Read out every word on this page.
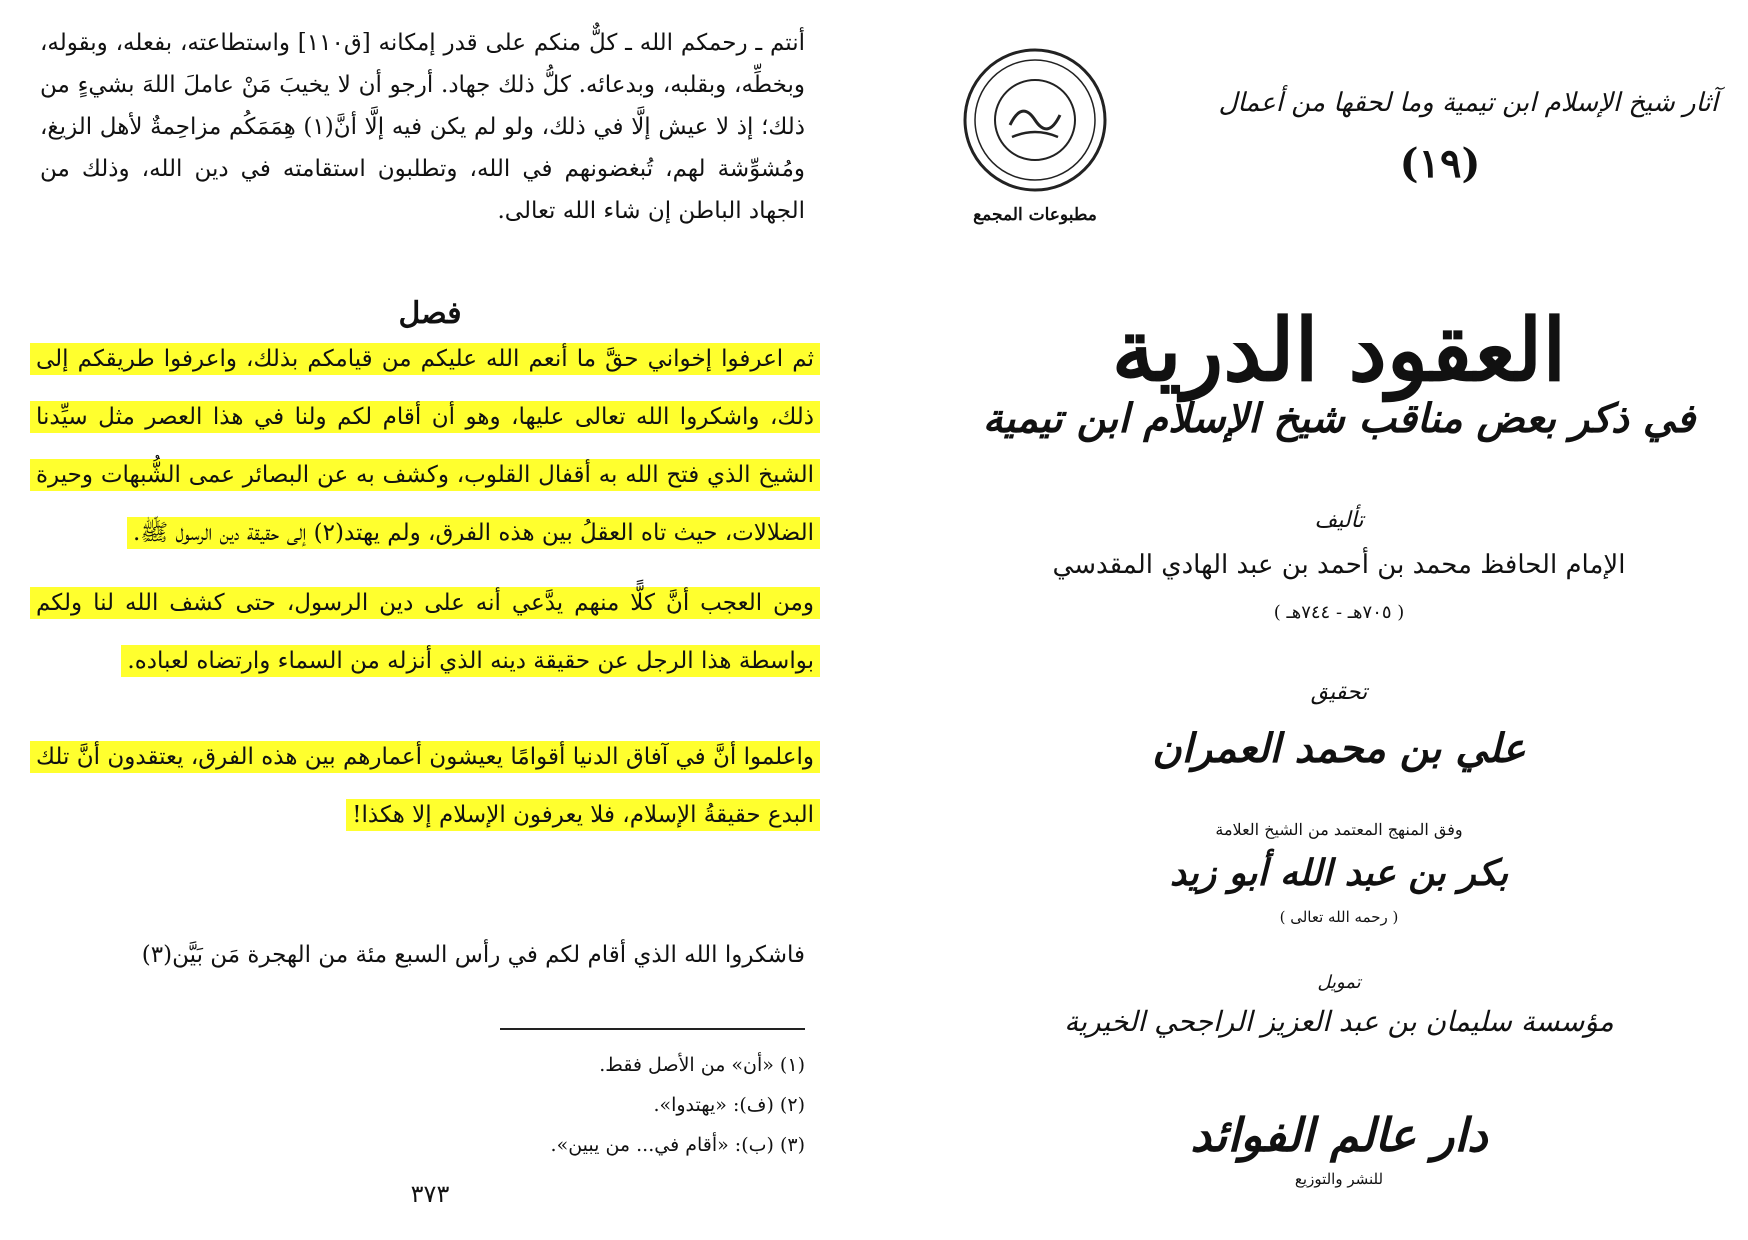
أنتم ـ رحمكم الله ـ كلٌّ منكم على قدر إمكانه [ق١١٠] واستطاعته، بفعله، وبقوله، وبخطِّه، وبقلبه، وبدعائه. كلُّ ذلك جهاد. أرجو أن لا يخيبَ مَنْ عاملَ اللهَ بشيءٍ من ذلك؛ إذ لا عيش إلَّا في ذلك، ولو لم يكن فيه إلَّا أنَّ(١) هِمَمَكُم مزاحِمةٌ لأهل الزيغ، ومُشوِّشة لهم، تُبغضونهم في الله، وتطلبون استقامته في دين الله، وذلك من الجهاد الباطن إن شاء الله تعالى.
فصل
ثم اعرفوا إخواني حقَّ ما أنعم الله عليكم من قيامكم بذلك، واعرفوا طريقكم إلى ذلك، واشكروا الله تعالى عليها، وهو أن أقام لكم ولنا في هذا العصر مثل سيِّدنا الشيخ الذي فتح الله به أقفال القلوب، وكشف به عن البصائر عمى الشُّبهات وحيرة الضلالات، حيث تاه العقلُ بين هذه الفرق، ولم يهتد(٢) إلى حقيقة دين الرسول ﷺ.
ومن العجب أنَّ كلًّا منهم يدَّعي أنه على دين الرسول، حتى كشف الله لنا ولكم بواسطة هذا الرجل عن حقيقة دينه الذي أنزله من السماء وارتضاه لعباده.
واعلموا أنَّ في آفاق الدنيا أقوامًا يعيشون أعمارهم بين هذه الفرق، يعتقدون أنَّ تلك البدع حقيقةُ الإسلام، فلا يعرفون الإسلام إلا هكذا!
فاشكروا الله الذي أقام لكم في رأس السبع مئة من الهجرة مَن بَيَّن(٣)
(١) «أن» من الأصل فقط.
(٢) (ف): «يهتدوا».
(٣) (ب): «أقام في... من يبين».
٣٧٣
مطبوعات المجمع
آثار شيخ الإسلام ابن تيمية وما لحقها من أعمال
(١٩)
العقود الدرية
في ذكر بعض مناقب شيخ الإسلام ابن تيمية
تأليف
الإمام الحافظ محمد بن أحمد بن عبد الهادي المقدسي
( ٧٠٥هـ - ٧٤٤هـ )
تحقيق
علي بن محمد العمران
وفق المنهج المعتمد من الشيخ العلامة
بكر بن عبد الله أبو زيد
( رحمه الله تعالى )
تمويل
مؤسسة سليمان بن عبد العزيز الراجحي الخيرية
دار عالم الفوائد
للنشر والتوزيع
